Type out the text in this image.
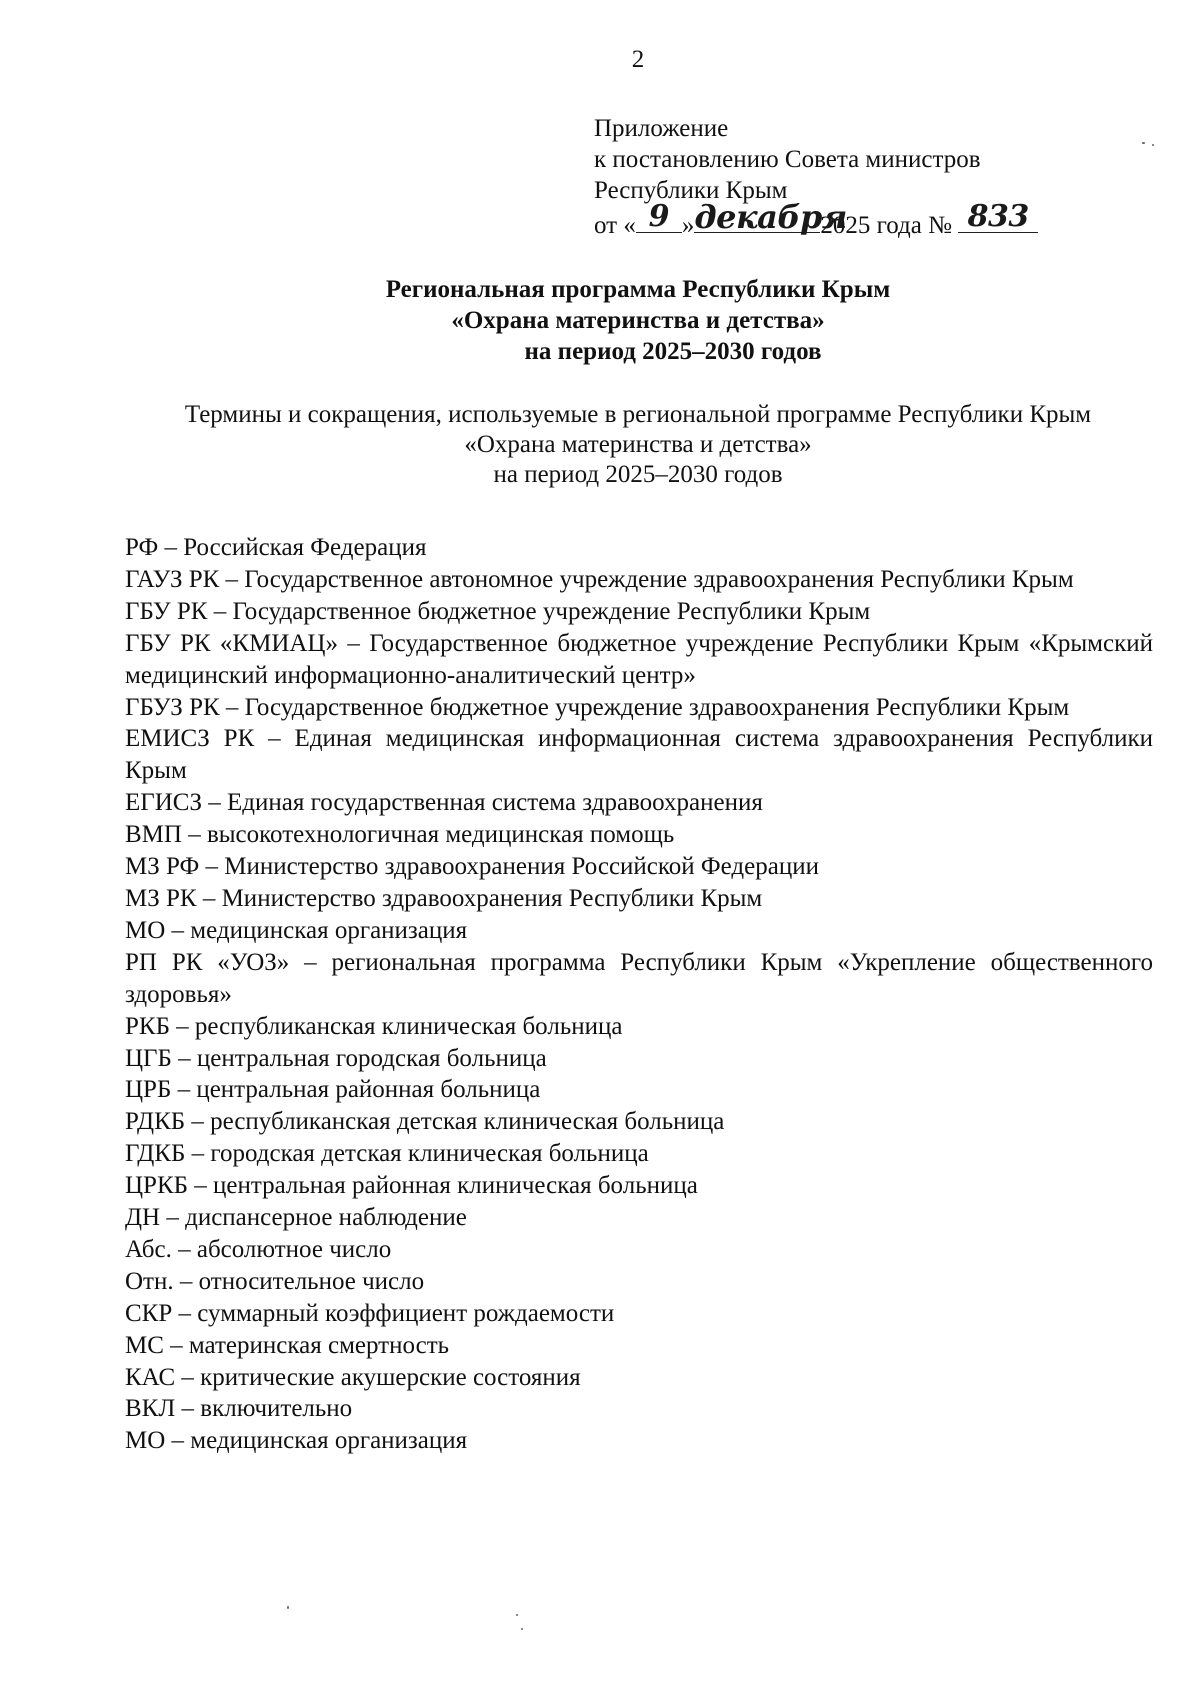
2
Приложение
к постановлению Совета министров
Республики Крым
от « 9 » декабря
2025 года № 833
Региональная программа Республики Крым
«Охрана материнства и детства»
на период 2025–2030 годов
Термины и сокращения, используемые в региональной программе Республики Крым
«Охрана материнства и детства»
на период 2025–2030 годов
РФ – Российская Федерация
ГАУЗ РК – Государственное автономное учреждение здравоохранения Республики Крым
ГБУ РК – Государственное бюджетное учреждение Республики Крым
ГБУ РК «КМИАЦ» – Государственное бюджетное учреждение Республики Крым «Крымский медицинский информационно-аналитический центр»
ГБУЗ РК – Государственное бюджетное учреждение здравоохранения Республики Крым
ЕМИСЗ РК – Единая медицинская информационная система здравоохранения Республики Крым
ЕГИСЗ – Единая государственная система здравоохранения
ВМП – высокотехнологичная медицинская помощь
МЗ РФ – Министерство здравоохранения Российской Федерации
МЗ РК – Министерство здравоохранения Республики Крым
МО – медицинская организация
РП РК «УОЗ» – региональная программа Республики Крым «Укрепление общественного здоровья»
РКБ – республиканская клиническая больница
ЦГБ – центральная городская больница
ЦРБ – центральная районная больница
РДКБ – республиканская детская клиническая больница
ГДКБ – городская детская клиническая больница
ЦРКБ – центральная районная клиническая больница
ДН – диспансерное наблюдение
Абс. – абсолютное число
Отн. – относительное число
СКР – суммарный коэффициент рождаемости
МС – материнская смертность
КАС – критические акушерские состояния
ВКЛ – включительно
МО – медицинская организация
